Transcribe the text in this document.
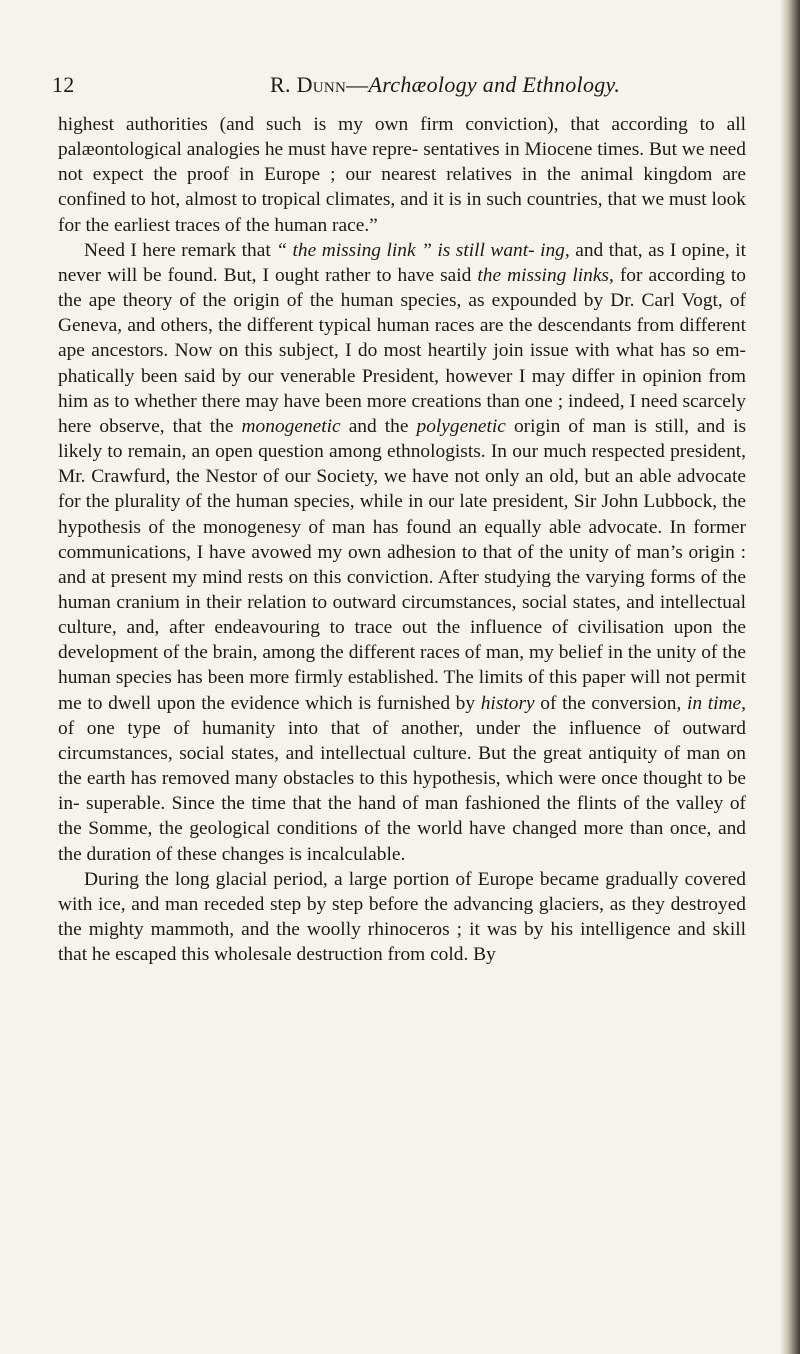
12	R. Dunn—Archæology and Ethnology.

highest authorities (and such is my own firm conviction), that according to all palæontological analogies he must have repre- sentatives in Miocene times. But we need not expect the proof in Europe ; our nearest relatives in the animal kingdom are confined to hot, almost to tropical climates, and it is in such countries, that we must look for the earliest traces of the human race.”

Need I here remark that “ the missing link ” is still want- ing, and that, as I opine, it never will be found. But, I ought rather to have said the missing links, for according to the ape theory of the origin of the human species, as expounded by Dr. Carl Vogt, of Geneva, and others, the different typical human races are the descendants from different ape ancestors. Now on this subject, I do most heartily join issue with what has so em- phatically been said by our venerable President, however I may differ in opinion from him as to whether there may have been more creations than one ; indeed, I need scarcely here observe, that the monogenetic and the polygenetic origin of man is still, and is likely to remain, an open question among ethnologists. In our much respected president, Mr. Crawfurd, the Nestor of our Society, we have not only an old, but an able advocate for the plurality of the human species, while in our late president, Sir John Lubbock, the hypothesis of the monogenesy of man has found an equally able advocate. In former communications, I have avowed my own adhesion to that of the unity of man’s origin : and at present my mind rests on this conviction. After studying the varying forms of the human cranium in their relation to outward circumstances, social states, and intellectual culture, and, after endeavouring to trace out the influence of civilisation upon the development of the brain, among the different races of man, my belief in the unity of the human species has been more firmly established. The limits of this paper will not permit me to dwell upon the evidence which is furnished by history of the conversion, in time, of one type of humanity into that of another, under the influence of outward circumstances, social states, and intellectual culture. But the great antiquity of man on the earth has removed many obstacles to this hypothesis, which were once thought to be in- superable. Since the time that the hand of man fashioned the flints of the valley of the Somme, the geological conditions of the world have changed more than once, and the duration of these changes is incalculable.

During the long glacial period, a large portion of Europe became gradually covered with ice, and man receded step by step before the advancing glaciers, as they destroyed the mighty mammoth, and the woolly rhinoceros ; it was by his intelligence and skill that he escaped this wholesale destruction from cold. By
